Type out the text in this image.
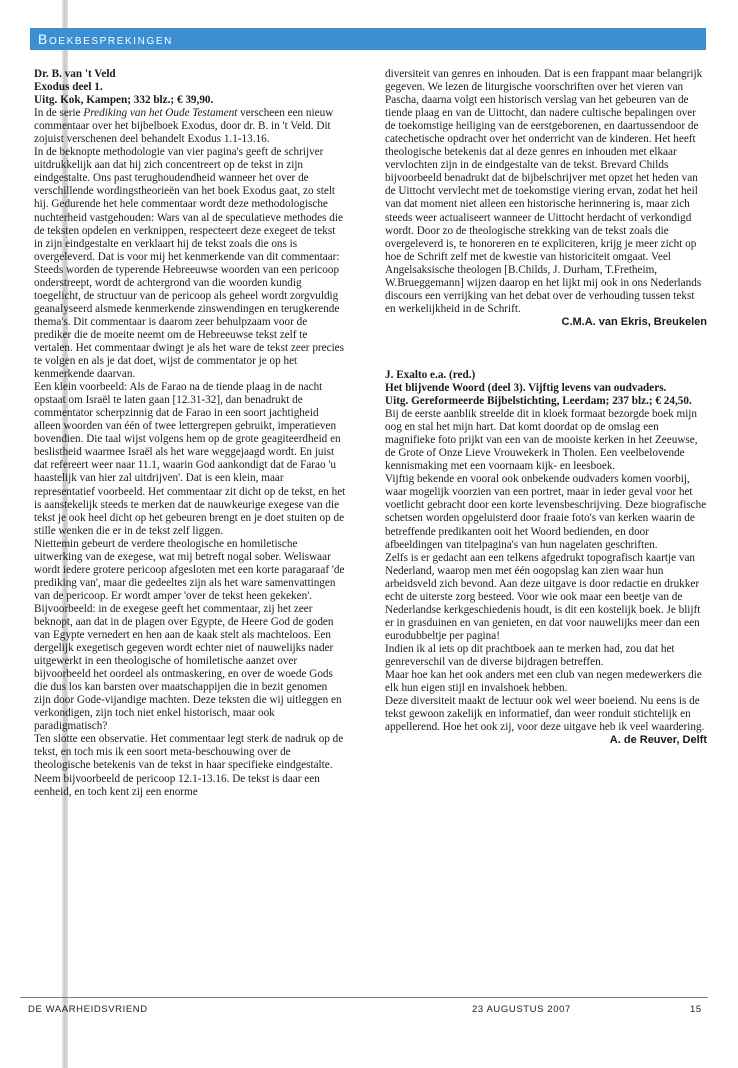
Boekbesprekingen

Dr. B. van 't Veld

Exodus deel 1.

Uitg. Kok, Kampen; 332 blz.; € 39,90.

In de serie Prediking van het Oude Testament verscheen een nieuw commentaar over het bijbelboek Exodus, door dr. B. in 't Veld. Dit zojuist verschenen deel behandelt Exodus 1.1-13.16.

In de beknopte methodologie van vier pagina's geeft de schrijver uitdrukkelijk aan dat hij zich concentreert op de tekst in zijn eindgestalte. Ons past terughoudendheid wanneer het over de verschillende wordingstheorieën van het boek Exodus gaat, zo stelt hij. Gedurende het hele commentaar wordt deze methodologische nuchterheid vastgehouden: Wars van al de speculatieve methodes die de teksten opdelen en verknippen, respecteert deze exegeet de tekst in zijn eindgestalte en verklaart hij de tekst zoals die ons is overgeleverd. Dat is voor mij het kenmerkende van dit commentaar: Steeds worden de typerende Hebreeuwse woorden van een pericoop onderstreept, wordt de achtergrond van die woorden kundig toegelicht, de structuur van de pericoop als geheel wordt zorgvuldig geanalyseerd alsmede kenmerkende zinswendingen en terugkerende thema's. Dit commentaar is daarom zeer behulpzaam voor de prediker die de moeite neemt om de Hebreeuwse tekst zelf te vertalen. Het commentaar dwingt je als het ware de tekst zeer precies te volgen en als je dat doet, wijst de commentator je op het kenmerkende daarvan.

Een klein voorbeeld: Als de Farao na de tiende plaag in de nacht opstaat om Israël te laten gaan [12.31-32], dan benadrukt de commentator scherpzinnig dat de Farao in een soort jachtigheid alleen woorden van één of twee lettergrepen gebruikt, imperatieven bovendien. Die taal wijst volgens hem op de grote geagiteerdheid en beslistheid waarmee Israël als het ware weggejaagd wordt. En juist dat refereert weer naar 11.1, waarin God aankondigt dat de Farao 'u haastelijk van hier zal uitdrijven'. Dat is een klein, maar representatief voorbeeld. Het commentaar zit dicht op de tekst, en het is aanstekelijk steeds te merken dat de nauwkeurige exegese van die tekst je ook heel dicht op het gebeuren brengt en je doet stuiten op de stille wenken die er in de tekst zelf liggen.

Niettemin gebeurt de verdere theologische en homiletische uitwerking van de exegese, wat mij betreft nogal sober. Weliswaar wordt iedere grotere pericoop afgesloten met een korte paragaraaf 'de prediking van', maar die gedeeltes zijn als het ware samenvattingen van de pericoop. Er wordt amper 'over de tekst heen gekeken'. Bijvoorbeeld: in de exegese geeft het commentaar, zij het zeer beknopt, aan dat in de plagen over Egypte, de Heere God de goden van Egypte vernedert en hen aan de kaak stelt als machteloos. Een dergelijk exegetisch gegeven wordt echter niet of nauwelijks nader uitgewerkt in een theologische of homiletische aanzet over bijvoorbeeld het oordeel als ontmaskering, en over de woede Gods die dus los kan barsten over maatschappijen die in bezit genomen zijn door Gode-vijandige machten. Deze teksten die wij uitleggen en verkondigen, zijn toch niet enkel historisch, maar ook paradigmatisch?

Ten slotte een observatie. Het commentaar legt sterk de nadruk op de tekst, en toch mis ik een soort meta-beschouwing over de theologische betekenis van de tekst in haar specifieke eindgestalte. Neem bijvoorbeeld de pericoop 12.1-13.16. De tekst is daar een eenheid, en toch kent zij een enorme

diversiteit van genres en inhouden. Dat is een frappant maar belangrijk gegeven. We lezen de liturgische voorschriften over het vieren van Pascha, daarna volgt een historisch verslag van het gebeuren van de tiende plaag en van de Uittocht, dan nadere cultische bepalingen over de toekomstige heiliging van de eerstgeborenen, en daartussendoor de catechetische opdracht over het onderricht van de kinderen. Het heeft theologische betekenis dat al deze genres en inhouden met elkaar vervlochten zijn in de eindgestalte van de tekst. Brevard Childs bijvoorbeeld benadrukt dat de bijbelschrijver met opzet het heden van de Uittocht vervlecht met de toekomstige viering ervan, zodat het heil van dat moment niet alleen een historische herinnering is, maar zich steeds weer actualiseert wanneer de Uittocht herdacht of verkondigd wordt. Door zo de theologische strekking van de tekst zoals die overgeleverd is, te honoreren en te expliciteren, krijg je meer zicht op hoe de Schrift zelf met de kwestie van historiciteit omgaat. Veel Angelsaksische theologen [B.Childs, J. Durham, T.Fretheim, W.Brueggemann] wijzen daarop en het lijkt mij ook in ons Nederlands discours een verrijking van het debat over de verhouding tussen tekst en werkelijkheid in de Schrift.

C.M.A. van Ekris, Breukelen

J. Exalto e.a. (red.)

Het blijvende Woord (deel 3). Vijftig levens van oudvaders.

Uitg. Gereformeerde Bijbelstichting, Leerdam; 237 blz.; € 24,50.

Bij de eerste aanblik streelde dit in kloek formaat bezorgde boek mijn oog en stal het mijn hart. Dat komt doordat op de omslag een magnifieke foto prijkt van een van de mooiste kerken in het Zeeuwse, de Grote of Onze Lieve Vrouwekerk in Tholen. Een veelbelovende kennismaking met een voornaam kijk- en leesboek.

Vijftig bekende en vooral ook onbekende oudvaders komen voorbij, waar mogelijk voorzien van een portret, maar in ieder geval voor het voetlicht gebracht door een korte levensbeschrijving. Deze biografische schetsen worden opgeluisterd door fraaie foto's van kerken waarin de betreffende predikanten ooit het Woord bedienden, en door afbeeldingen van titelpagina's van hun nagelaten geschriften.

Zelfs is er gedacht aan een telkens afgedrukt topografisch kaartje van Nederland, waarop men met één oogopslag kan zien waar hun arbeidsveld zich bevond. Aan deze uitgave is door redactie en drukker echt de uiterste zorg besteed. Voor wie ook maar een beetje van de Nederlandse kerkgeschiedenis houdt, is dit een kostelijk boek. Je blijft er in grasduinen en van genieten, en dat voor nauwelijks meer dan een eurodubbeltje per pagina!

Indien ik al iets op dit prachtboek aan te merken had, zou dat het genreverschil van de diverse bijdragen betreffen.

Maar hoe kan het ook anders met een club van negen medewerkers die elk hun eigen stijl en invalshoek hebben.

Deze diversiteit maakt de lectuur ook wel weer boeiend. Nu eens is de tekst gewoon zakelijk en informatief, dan weer ronduit stichtelijk en appellerend. Hoe het ook zij, voor deze uitgave heb ik veel waardering.

A. de Reuver, Delft

DE WAARHEIDSVRIEND	23 AUGUSTUS 2007	15
